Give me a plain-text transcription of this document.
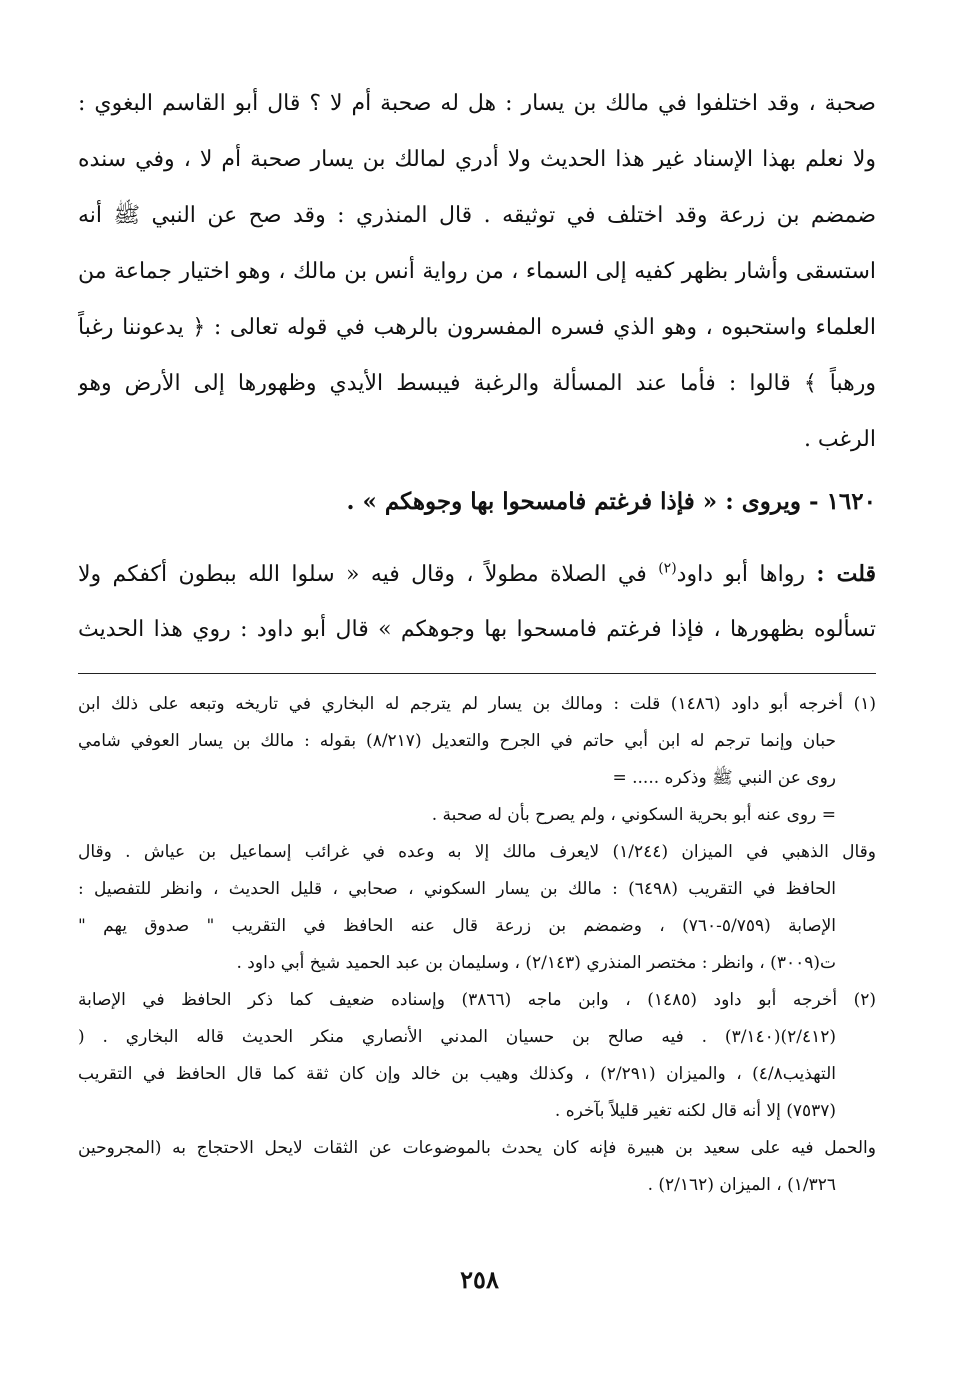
صحبة ، وقد اختلفوا في مالك بن يسار : هل له صحبة أم لا ؟ قال أبو القاسم البغوي :
ولا نعلم بهذا الإسناد غير هذا الحديث ولا أدري لمالك بن يسار صحبة أم لا ، وفي سنده
ضمضم بن زرعة وقد اختلف في توثيقه . قال المنذري : وقد صح عن النبي ﷺ أنه
استسقى وأشار بظهر كفيه إلى السماء ، من رواية أنس بن مالك ، وهو اختيار جماعة من
العلماء واستحبوه ، وهو الذي فسره المفسرون بالرهب في قوله تعالى : ﴿ يدعوننا رغباً
ورهباً ﴾ قالوا : فأما عند المسألة والرغبة فيبسط الأيدي وظهورها إلى الأرض وهو
الرغب .
١٦٢٠ - ويروى : « فإذا فرغتم فامسحوا بها وجوهكم » .
قلت : رواها أبو داود$^{(٢)}$ في الصلاة مطولاً ، وقال فيه « سلوا الله ببطون أكفكم ولا
تسألوه بظهورها ، فإذا فرغتم فامسحوا بها وجوهكم » قال أبو داود : روي هذا الحديث
(١) أخرجه أبو داود (١٤٨٦) قلت : ومالك بن يسار لم يترجم له البخاري في تاريخه وتبعه على ذلك ابن
حبان وإنما ترجم له ابن أبي حاتم في الجرح والتعديل (٨/٢١٧) بقوله : مالك بن يسار العوفي شامي
روى عن النبي ﷺ وذكره ..... =
= روى عنه أبو بحرية السكوني ، ولم يصرح بأن له صحبة .
وقال الذهبي في الميزان (١/٢٤٤) لايعرف مالك إلا به وعده في غرائب إسماعيل بن عياش . وقال
الحافظ في التقريب (٦٤٩٨) : مالك بن يسار السكوني ، صحابي ، قليل الحديث ، وانظر للتفصيل :
الإصابة (٥/٧٥٩-٧٦٠) ، وضمضم بن زرعة قال عنه الحافظ في التقريب " صدوق يهم "
ت(٣٠٠٩) ، وانظر : مختصر المنذري (٢/١٤٣) ، وسليمان بن عبد الحميد شيخ أبي داود .
(٢) أخرجه أبو داود (١٤٨٥) ، وابن ماجه (٣٨٦٦) وإسناده ضعيف كما ذكر الحافظ في الإصابة
(٢/٤١٢)(٣/١٤٠) . فيه صالح بن حسيان المدني الأنصاري منكر الحديث قاله البخاري . (
التهذيب٤/٨) ، والميزان (٢/٢٩١) ، وكذلك وهيب بن خالد وإن كان ثقة كما قال الحافظ في التقريب
(٧٥٣٧) إلا أنه قال لكنه تغير قليلاً بآخره .
والحمل فيه على سعيد بن هبيرة فإنه كان يحدث بالموضوعات عن الثقات لايحل الاحتجاج به (المجروحين
١/٣٢٦) ، الميزان (٢/١٦٢) .
٢٥٨
